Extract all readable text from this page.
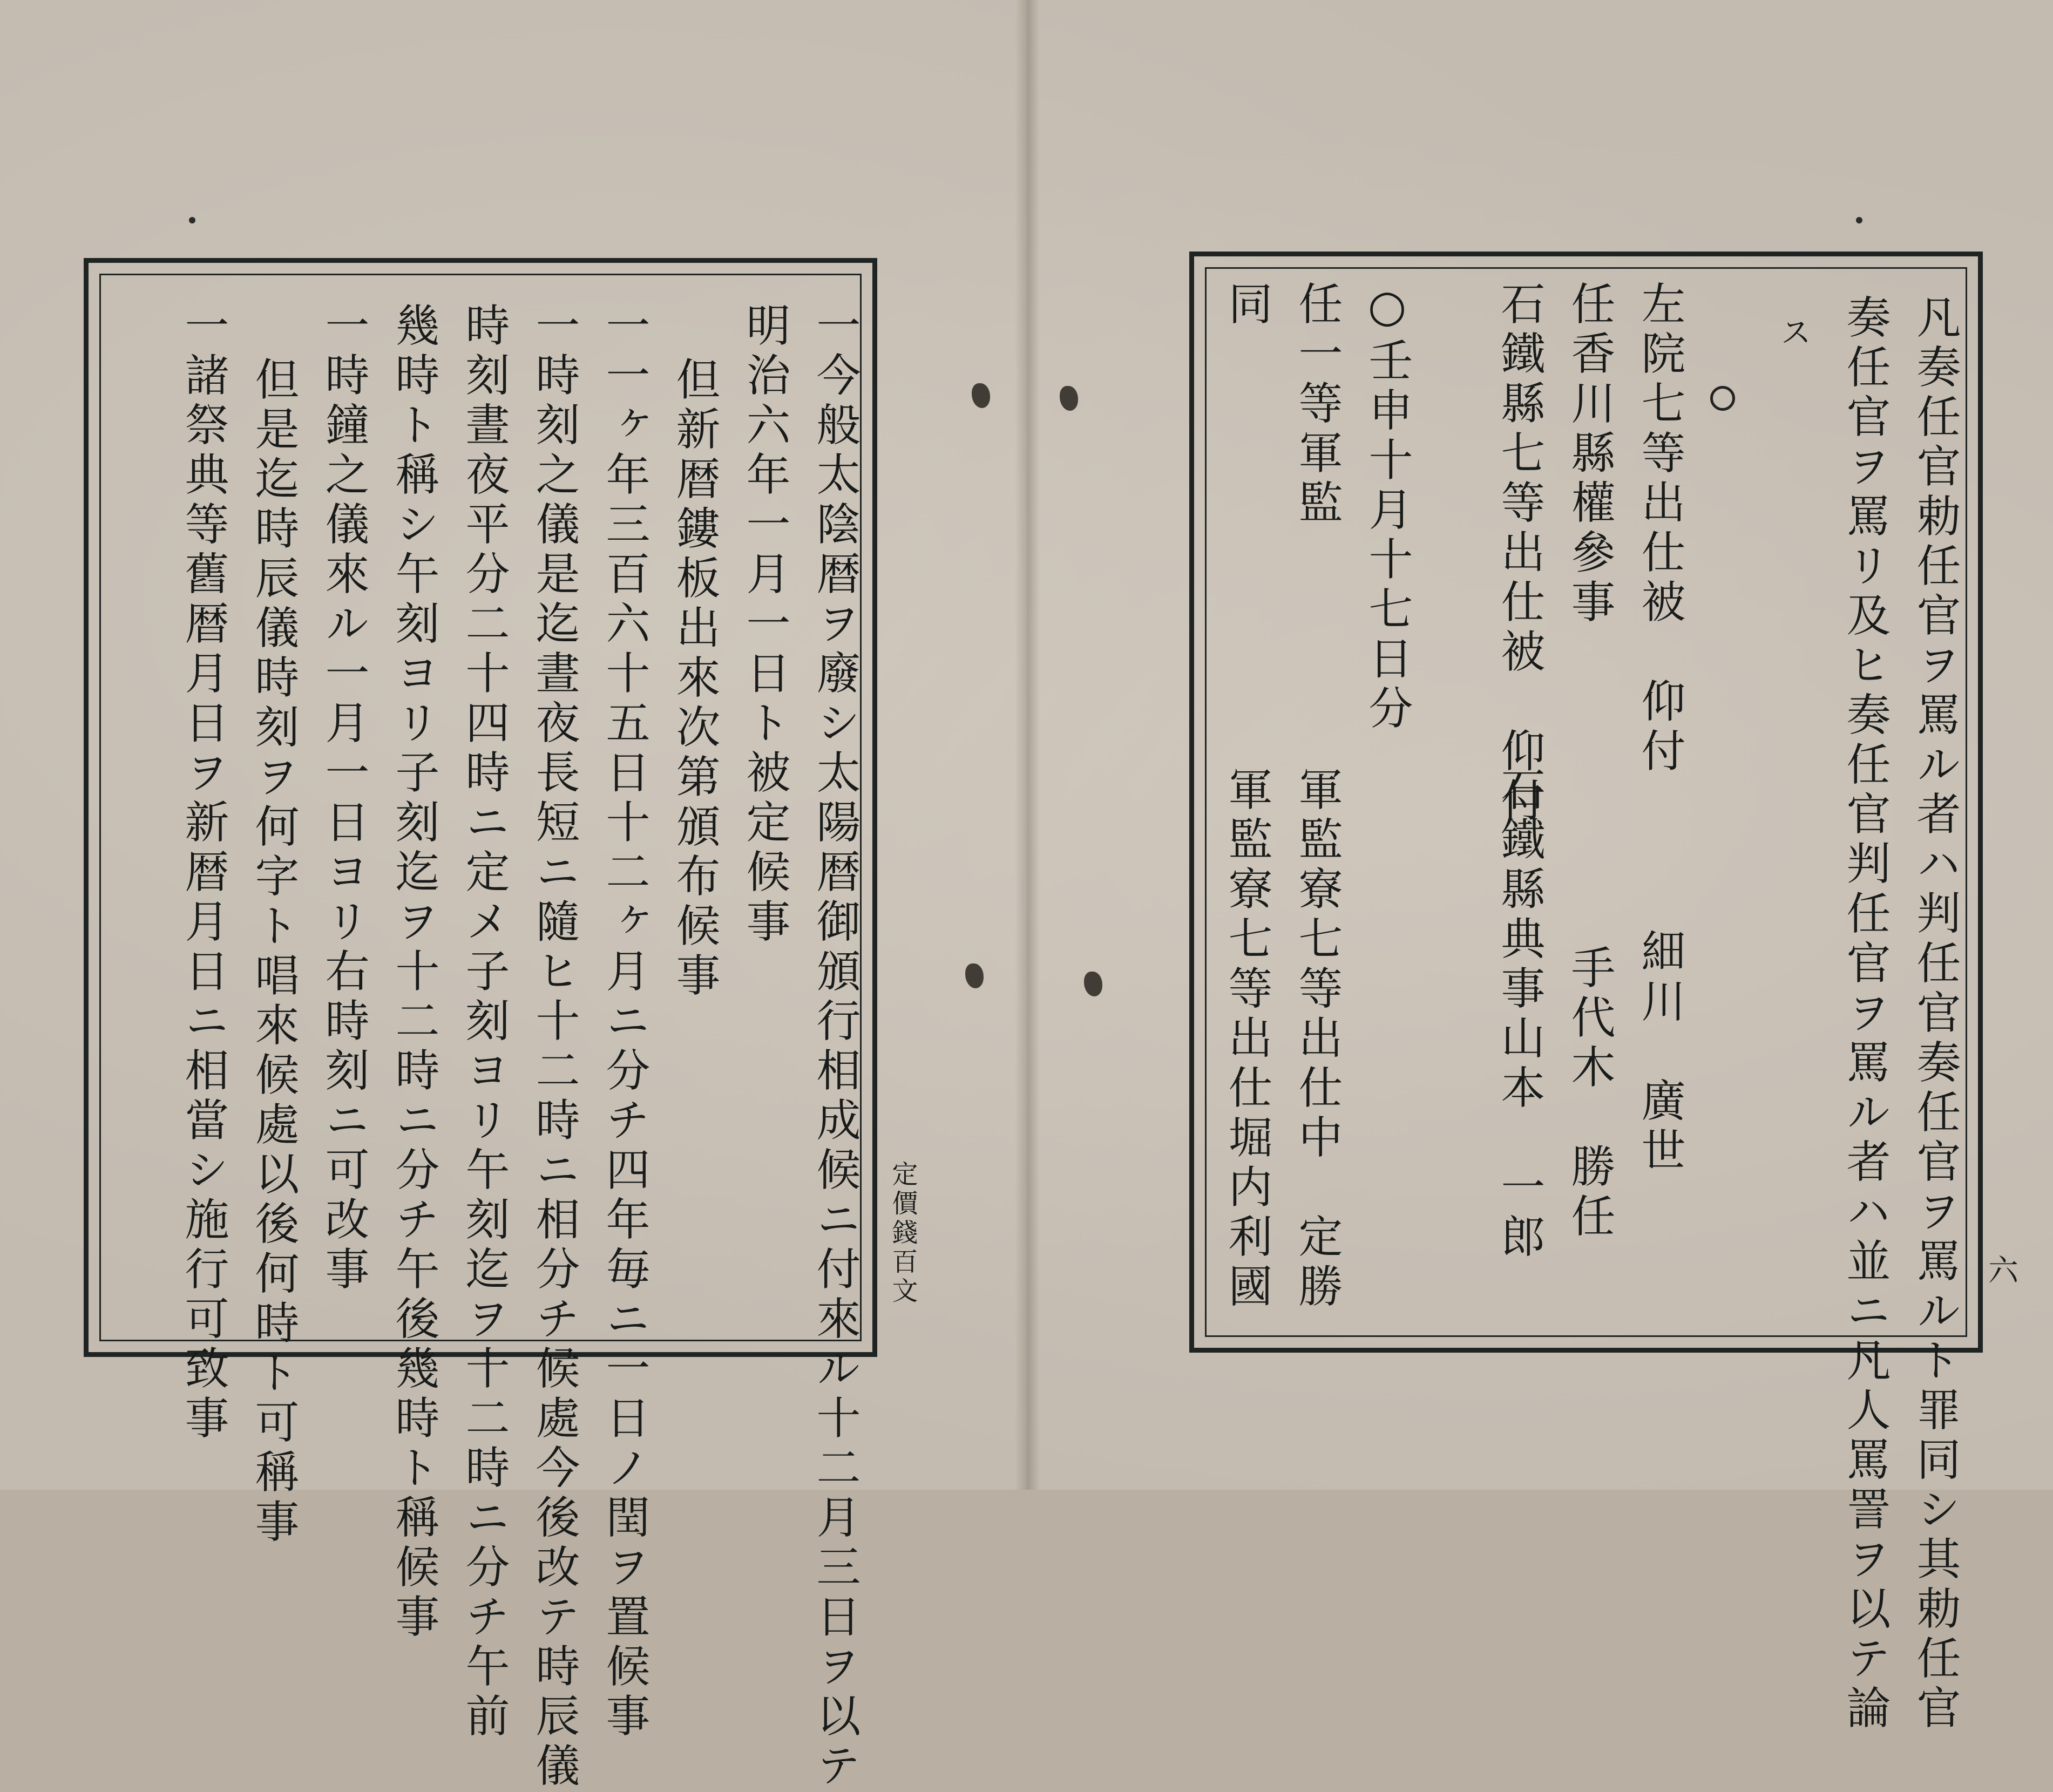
一今般太陰暦ヲ廢シ太陽暦御頒行相成候ニ付來ル十二月三日ヲ以テ
明治六年一月一日ト被定候事
但新暦鏤板出來次第頒布候事
一一ヶ年三百六十五日十二ヶ月ニ分チ四年毎ニ一日ノ閏ヲ置候事
一時刻之儀是迄晝夜長短ニ隨ヒ十二時ニ相分チ候處今後改テ時辰儀
時刻晝夜平分二十四時ニ定メ子刻ヨリ午刻迄ヲ十二時ニ分チ午前
幾時ト稱シ午刻ヨリ子刻迄ヲ十二時ニ分チ午後幾時ト稱候事
一時鐘之儀來ル一月一日ヨリ右時刻ニ可改事
但是迄時辰儀時刻ヲ何字ト唱來候處以後何時ト可稱事
一諸祭典等舊暦月日ヲ新暦月日ニ相當シ施行可致事	定價錢百文	凡奏任官勅任官ヲ罵ル者ハ判任官奏任官ヲ罵ルト罪同シ其勅任官
奏任官ヲ罵リ及ヒ奏任官判任官ヲ罵ル者ハ並ニ凡人罵詈ヲ以テ論
ス
左院七等出仕被　仰付
細川　廣世
任香川縣權參事
手代木　勝任
石鐵縣七等出仕被　仰付
石鐵縣典事山本　一郎
○壬申十月十七日分
任一等軍監
軍監寮七等出仕中　定勝
同
軍監寮七等出仕堀内利國	六
